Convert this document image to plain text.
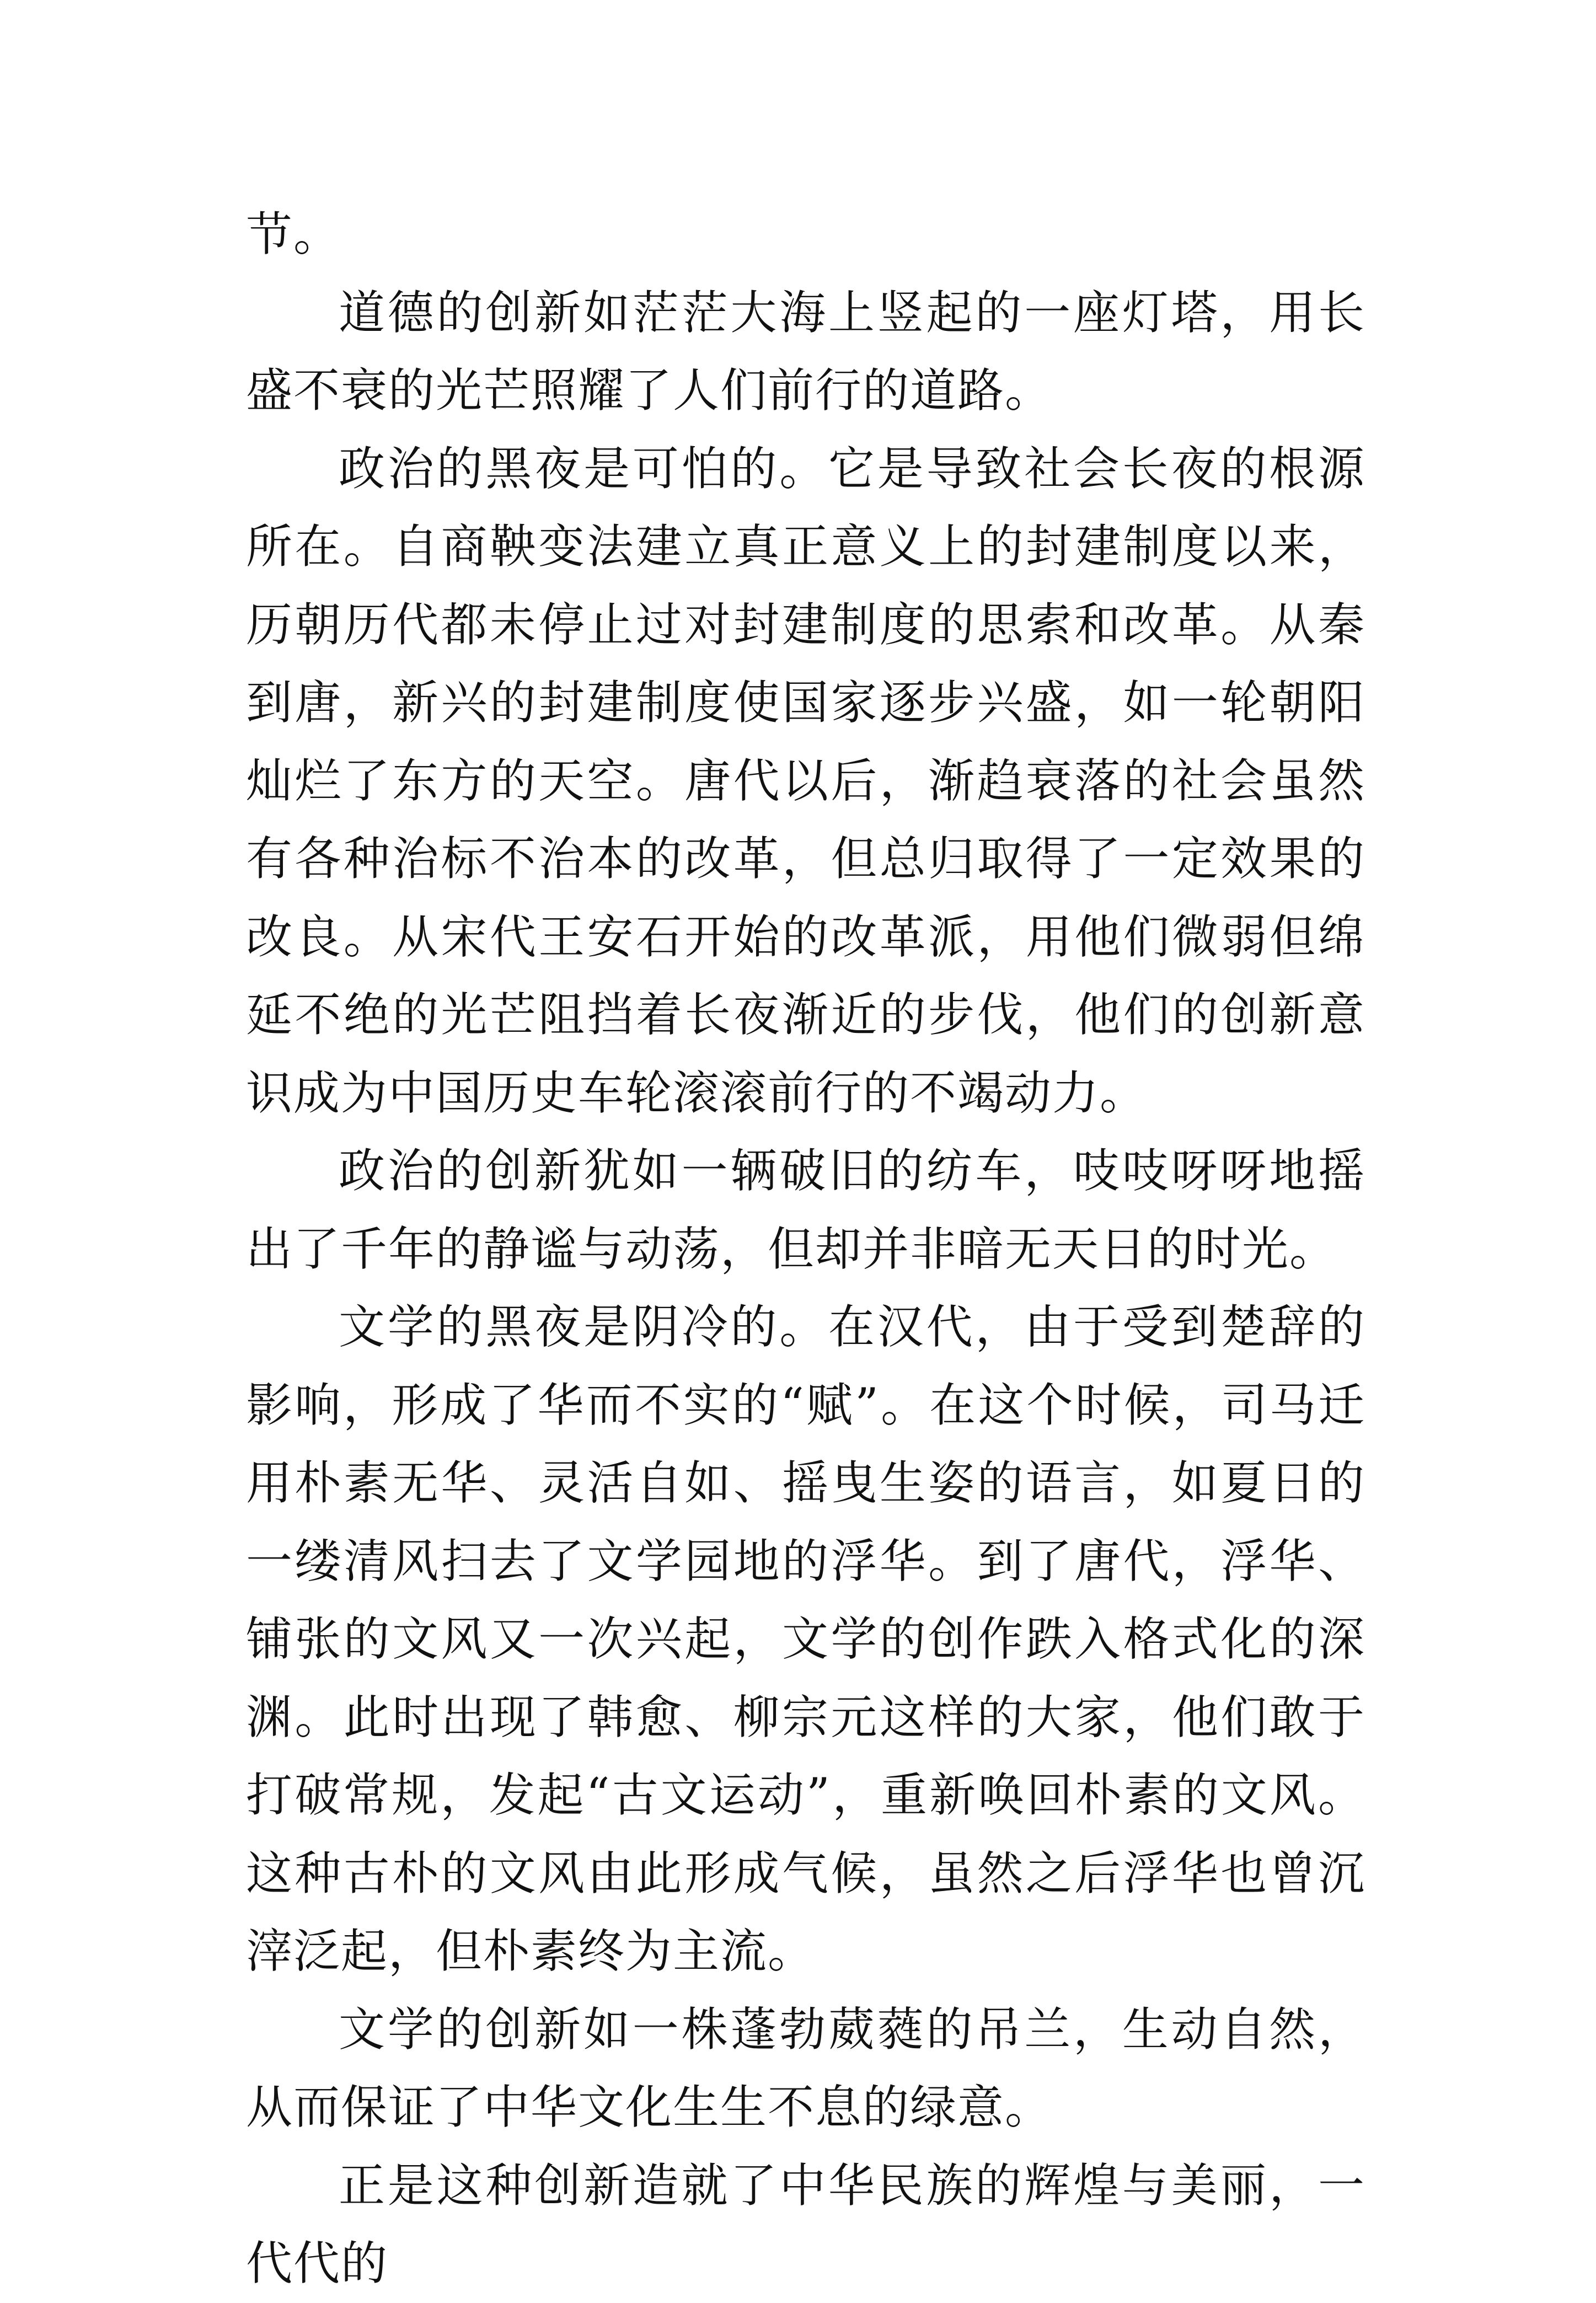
节。

道德的创新如茫茫大海上竖起的一座灯塔，用长盛不衰的光芒照耀了人们前行的道路。

政治的黑夜是可怕的。它是导致社会长夜的根源所在。自商鞅变法建立真正意义上的封建制度以来，历朝历代都未停止过对封建制度的思索和改革。从秦到唐，新兴的封建制度使国家逐步兴盛，如一轮朝阳灿烂了东方的天空。唐代以后，渐趋衰落的社会虽然有各种治标不治本的改革，但总归取得了一定效果的改良。从宋代王安石开始的改革派，用他们微弱但绵延不绝的光芒阻挡着长夜渐近的步伐，他们的创新意识成为中国历史车轮滚滚前行的不竭动力。

政治的创新犹如一辆破旧的纺车，吱吱呀呀地摇出了千年的静谧与动荡，但却并非暗无天日的时光。

文学的黑夜是阴冷的。在汉代，由于受到楚辞的影响，形成了华而不实的“赋”。在这个时候，司马迁用朴素无华、灵活自如、摇曳生姿的语言，如夏日的一缕清风扫去了文学园地的浮华。到了唐代，浮华、铺张的文风又一次兴起，文学的创作跌入格式化的深渊。此时出现了韩愈、柳宗元这样的大家，他们敢于打破常规，发起“古文运动”，重新唤回朴素的文风。这种古朴的文风由此形成气候，虽然之后浮华也曾沉滓泛起，但朴素终为主流。

文学的创新如一株蓬勃葳蕤的吊兰，生动自然，从而保证了中华文化生生不息的绿意。

正是这种创新造就了中华民族的辉煌与美丽，一代代的
